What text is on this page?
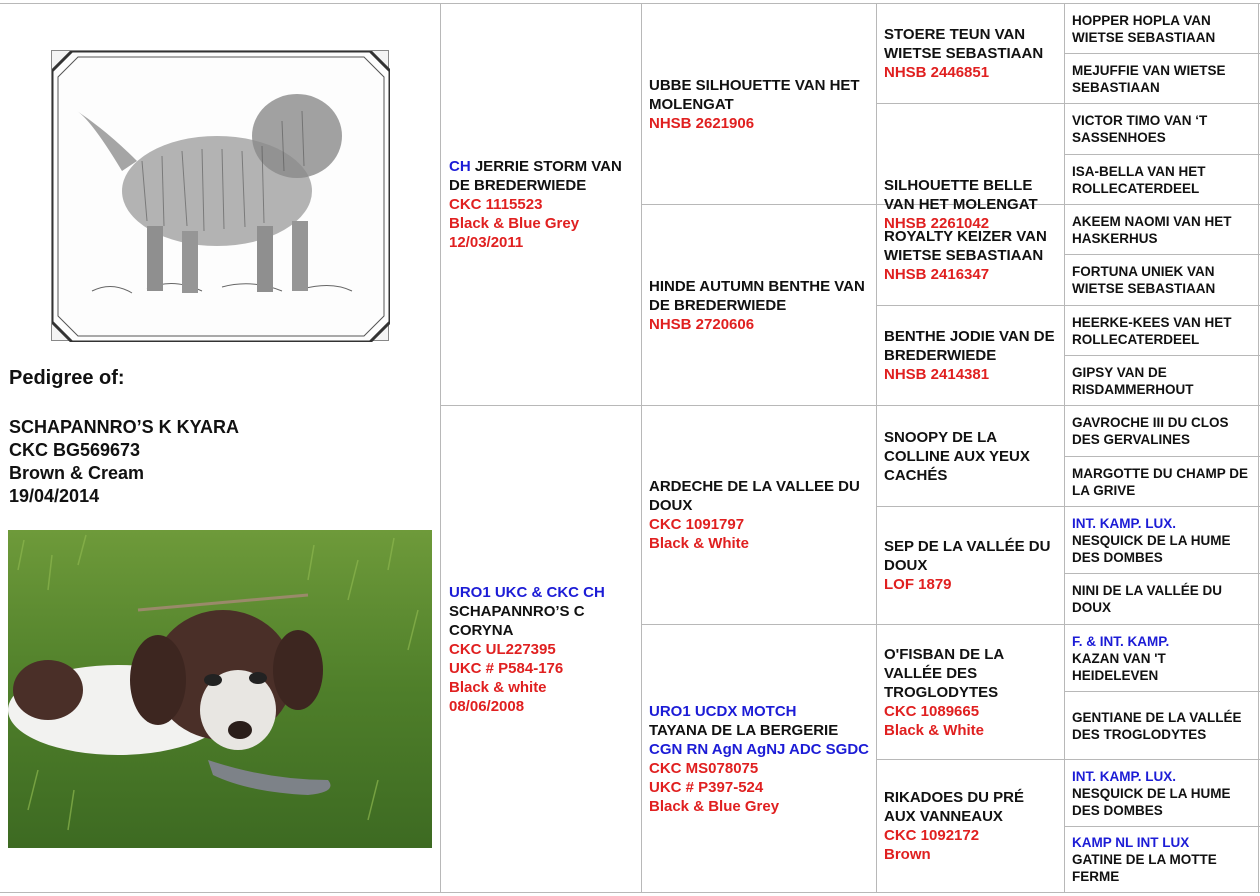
Pedigree of:
SCHAPANNRO’S K KYARA
CKC BG569673
Brown & Cream
19/04/2014
CH JERRIE STORM VAN DE BREDERWIEDE
CKC 1115523
Black & Blue Grey
12/03/2011
URO1 UKC & CKC CH
SCHAPANNRO’S C CORYNA
CKC UL227395
UKC # P584-176
Black & white
08/06/2008
UBBE SILHOUETTE VAN HET MOLENGAT
NHSB 2621906
HINDE AUTUMN BENTHE VAN DE BREDERWIEDE
NHSB 2720606
ARDECHE DE LA VALLEE DU DOUX
CKC 1091797
Black & White
URO1 UCDX MOTCH
TAYANA DE LA BERGERIE
CGN RN AgN AgNJ ADC SGDC
CKC MS078075
UKC # P397-524
Black & Blue Grey
STOERE TEUN VAN WIETSE SEBASTIAAN
NHSB 2446851
SILHOUETTE BELLE VAN HET MOLENGAT
NHSB 2261042
ROYALTY KEIZER VAN WIETSE SEBASTIAAN
NHSB 2416347
BENTHE JODIE VAN DE BREDERWIEDE
NHSB 2414381
SNOOPY DE LA COLLINE AUX YEUX CACHÉS
SEP DE LA VALLÉE DU DOUX
LOF 1879
O'FISBAN DE LA VALLÉE DES TROGLODYTES
CKC 1089665
Black & White
RIKADOES DU PRÉ AUX VANNEAUX
CKC 1092172
Brown
HOPPER HOPLA VAN WIETSE SEBASTIAAN
MEJUFFIE VAN WIETSE SEBASTIAAN
VICTOR TIMO VAN ‘T SASSENHOES
ISA-BELLA VAN HET ROLLECATERDEEL
AKEEM NAOMI VAN HET HASKERHUS
FORTUNA UNIEK VAN WIETSE SEBASTIAAN
HEERKE-KEES VAN HET ROLLECATERDEEL
GIPSY VAN DE RISDAMMERHOUT
GAVROCHE III DU CLOS DES GERVALINES
MARGOTTE DU CHAMP DE LA GRIVE
INT. KAMP. LUX.
NESQUICK DE LA HUME DES DOMBES
NINI DE LA VALLÉE DU DOUX
F. & INT. KAMP.
KAZAN VAN 'T HEIDELEVEN
GENTIANE DE LA VALLÉE DES TROGLODYTES
INT. KAMP. LUX.
NESQUICK DE LA HUME DES DOMBES
KAMP NL INT LUX
GATINE DE LA MOTTE FERME
